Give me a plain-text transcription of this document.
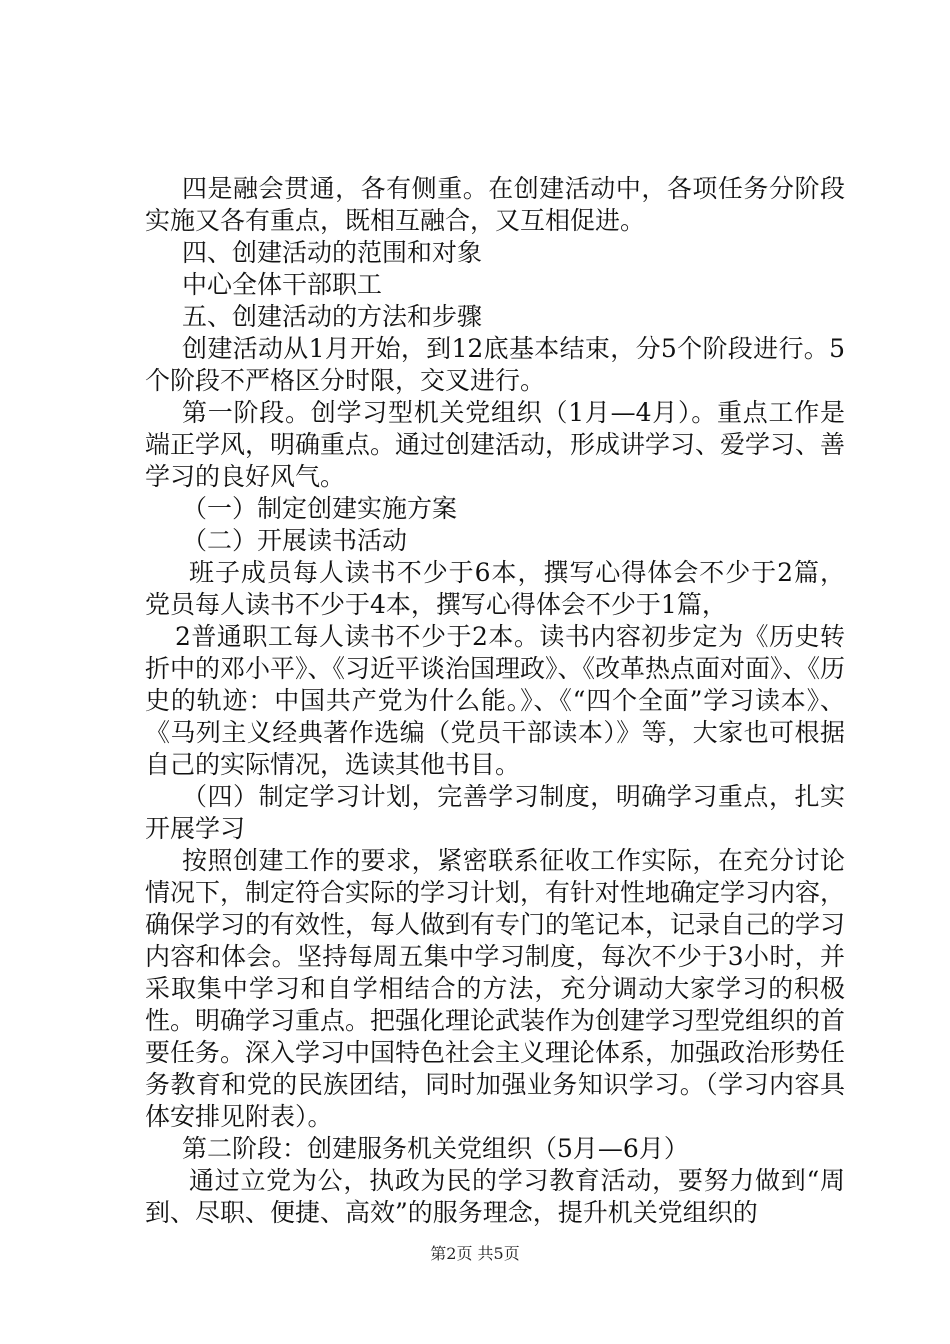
四是融会贯通，各有侧重。在创建活动中，各项任务分阶段实施又各有重点，既相互融合，又互相促进。

四、创建活动的范围和对象

中心全体干部职工

五、创建活动的方法和步骤

创建活动从1月开始，到12底基本结束，分5个阶段进行。5个阶段不严格区分时限，交叉进行。

第一阶段。创学习型机关党组织（1月—4月）。重点工作是端正学风，明确重点。通过创建活动，形成讲学习、爱学习、善学习的良好风气。

（一）制定创建实施方案

（二）开展读书活动

班子成员每人读书不少于6本，撰写心得体会不少于2篇，党员每人读书不少于4本，撰写心得体会不少于1篇，

2普通职工每人读书不少于2本。读书内容初步定为《历史转折中的邓小平》、《习近平谈治国理政》、《改革热点面对面》、《历史的轨迹：中国共产党为什么能。》、《“四个全面”学习读本》、《马列主义经典著作选编（党员干部读本）》等，大家也可根据自己的实际情况，选读其他书目。

（四）制定学习计划，完善学习制度，明确学习重点，扎实开展学习

按照创建工作的要求，紧密联系征收工作实际，在充分讨论情况下，制定符合实际的学习计划，有针对性地确定学习内容，确保学习的有效性，每人做到有专门的笔记本，记录自己的学习内容和体会。坚持每周五集中学习制度，每次不少于3小时，并采取集中学习和自学相结合的方法，充分调动大家学习的积极性。明确学习重点。把强化理论武装作为创建学习型党组织的首要任务。深入学习中国特色社会主义理论体系，加强政治形势任务教育和党的民族团结，同时加强业务知识学习。（学习内容具体安排见附表）。

第二阶段：创建服务机关党组织（5月—6月）

通过立党为公，执政为民的学习教育活动，要努力做到“周到、尽职、便捷、高效”的服务理念，提升机关党组织的

第2页 共5页
